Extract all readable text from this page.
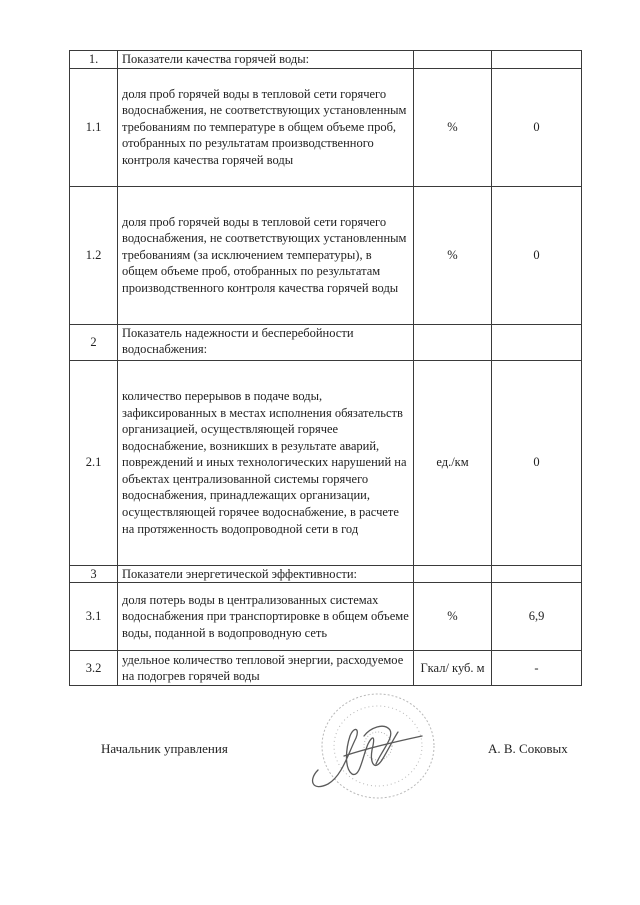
1.	Показатели качества горячей воды:		
1.1	доля проб горячей воды в тепловой сети горячего водоснабжения, не соответствующих установленным требованиям по температуре в общем объеме проб, отобранных по результатам производственного контроля качества горячей воды	%	0
1.2	доля проб горячей воды в тепловой сети горячего водоснабжения, не соответствующих установленным требованиям (за исключением температуры), в общем объеме проб, отобранных по результатам производственного контроля качества горячей воды	%	0
2	Показатель надежности и бесперебойности водоснабжения:		
2.1	количество перерывов в подаче воды, зафиксированных в местах исполнения обязательств организацией, осуществляющей горячее водоснабжение, возникших в результате аварий, повреждений и иных технологических нарушений на объектах централизованной системы горячего водоснабжения, принадлежащих организации, осуществляющей горячее водоснабжение, в расчете на протяженность водопроводной сети в год	ед./км	0
3	Показатели энергетической эффективности:		
3.1	доля потерь воды в централизованных системах водоснабжения при транспортировке в общем объеме воды, поданной в водопроводную сеть	%	6,9
3.2	удельное количество тепловой энергии, расходуемое на подогрев горячей воды	Гкал/ куб. м	-
Начальник управления	А. В. Соковых
